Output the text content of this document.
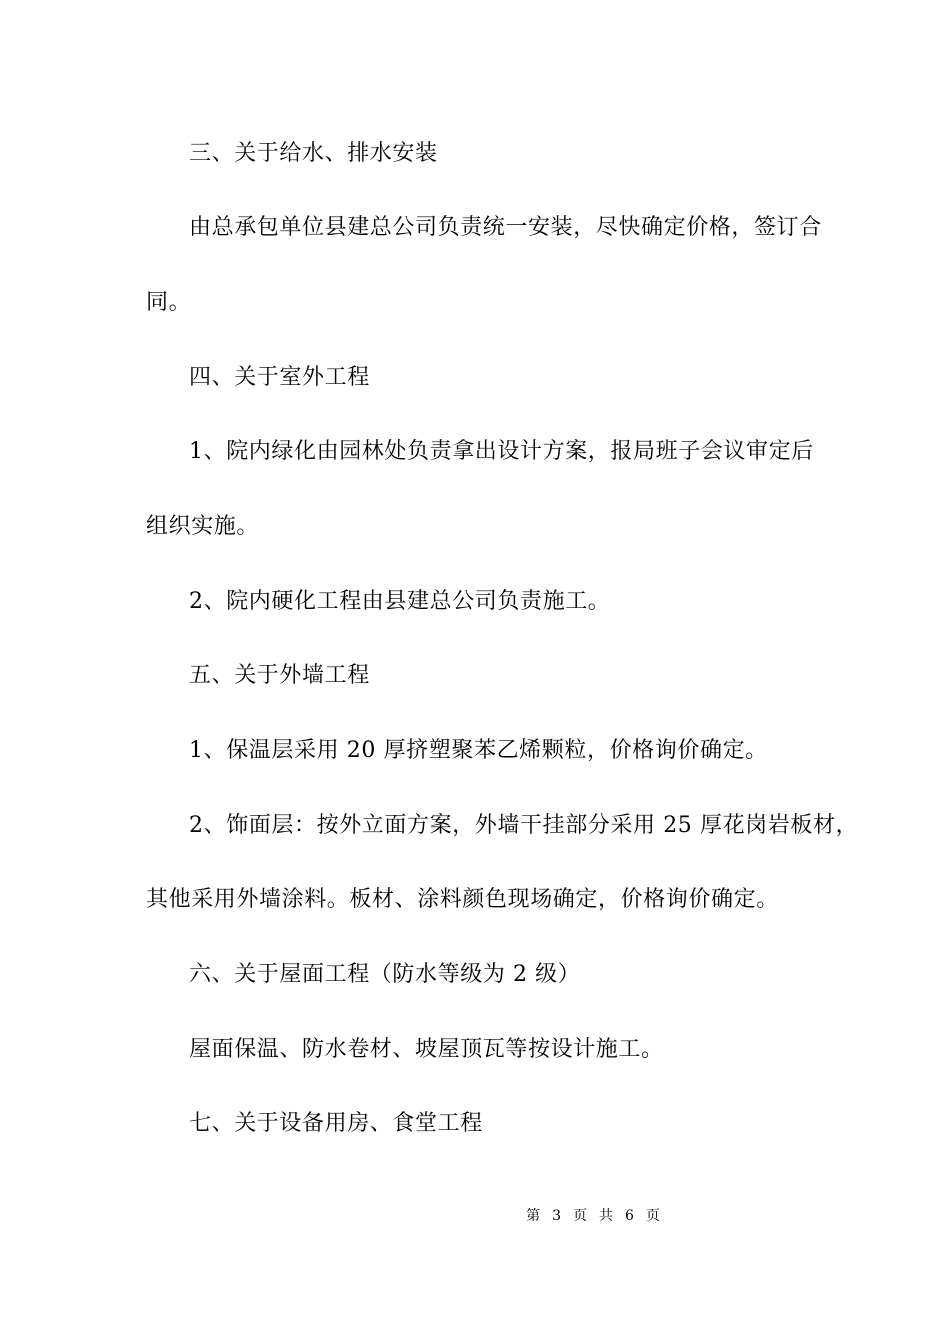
三、关于给水、排水安装
由总承包单位县建总公司负责统一安装，尽快确定价格，签订合
同。
四、关于室外工程
1、院内绿化由园林处负责拿出设计方案，报局班子会议审定后
组织实施。
2、院内硬化工程由县建总公司负责施工。
五、关于外墙工程
1、保温层采用 20 厚挤塑聚苯乙烯颗粒，价格询价确定。
2、饰面层：按外立面方案，外墙干挂部分采用 25 厚花岗岩板材，
其他采用外墙涂料。板材、涂料颜色现场确定，价格询价确定。
六、关于屋面工程（防水等级为 2 级）
屋面保温、防水卷材、坡屋顶瓦等按设计施工。
七、关于设备用房、食堂工程
第 3 页 共 6 页
